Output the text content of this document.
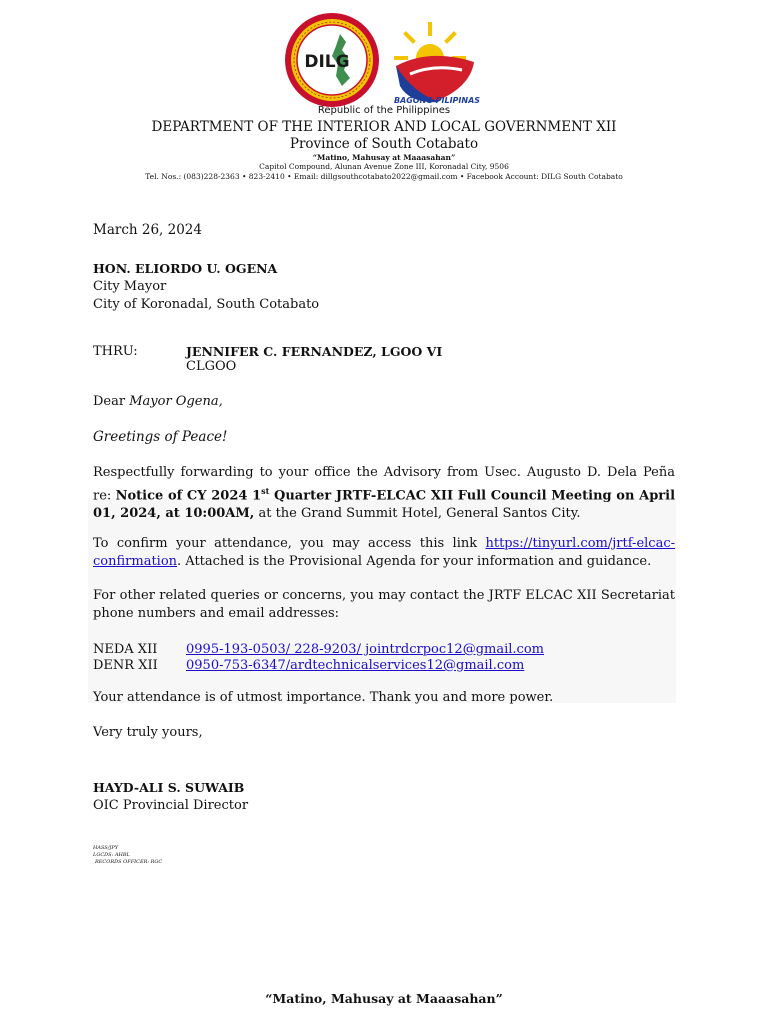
DILG
BAGONG PILIPINAS
Republic of the Philippines
DEPARTMENT OF THE INTERIOR AND LOCAL GOVERNMENT XII
Province of South Cotabato
“Matino, Mahusay at Maaasahan”
Capitol Compound, Alunan Avenue Zone III, Koronadal City, 9506
Tel. Nos.: (083)228-2363 • 823-2410 • Email: dillgsouthcotabato2022@gmail.com • Facebook Account: DILG South Cotabato
March 26, 2024
HON. ELIORDO U. OGENA
City Mayor
City of Koronadal, South Cotabato
THRU:	JENNIFER C. FERNANDEZ, LGOO VI
CLGOO
Dear Mayor Ogena,
Greetings of Peace!
Respectfully forwarding to your office the Advisory from Usec. Augusto D. Dela Peña re: Notice of CY 2024 1st Quarter JRTF-ELCAC XII Full Council Meeting on April 01, 2024, at 10:00AM, at the Grand Summit Hotel, General Santos City.
To confirm your attendance, you may access this link https://tinyurl.com/jrtf-elcac-confirmation. Attached is the Provisional Agenda for your information and guidance.
For other related queries or concerns, you may contact the JRTF ELCAC XII Secretariat phone numbers and email addresses:
NEDA XII 0995-193-0503/ 228-9203/ jointrdcrpoc12@gmail.com
DENR XII 0950-753-6347/ardtechnicalservices12@gmail.com
Your attendance is of utmost importance. Thank you and more power.
Very truly yours,
HAYD-ALI S. SUWAIB
OIC Provincial Director
HASS/JPY
LGCDS: AHBL
RECORDS OFFICER: RGC
“Matino, Mahusay at Maaasahan”
